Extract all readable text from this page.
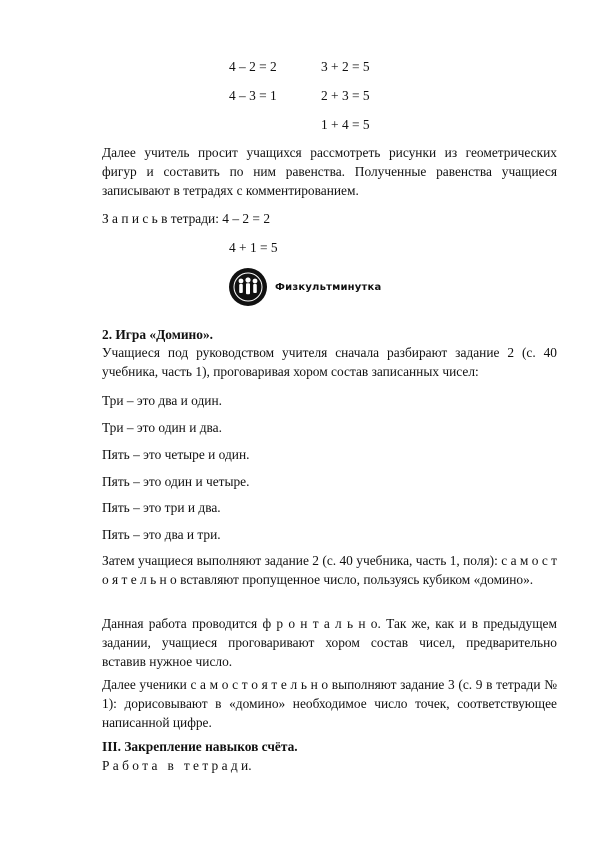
4 – 2 = 2	3 + 2 = 5
4 – 3 = 1	2 + 3 = 5
1 + 4 = 5

Далее учитель просит учащихся рассмотреть рисунки из геометрических фигур и составить по ним равенства. Полученные равенства учащиеся записывают в тетрадях с комментированием.

З а п и с ь в тетради: 4 – 2 = 2
4 + 1 = 5
Физкультминутка
2. Игра «Домино».

Учащиеся под руководством учителя сначала разбирают задание 2 (с. 40 учебника, часть 1), проговаривая хором состав записанных чисел:

Три – это два и один.
Три – это один и два.
Пять – это четыре и один.
Пять – это один и четыре.
Пять – это три и два.
Пять – это два и три.

Затем учащиеся выполняют задание 2 (с. 40 учебника, часть 1, поля): с а м о с т о я т е л ь н о вставляют пропущенное число, пользуясь кубиком «домино».

Данная работа проводится ф р о н т а л ь н о. Так же, как и в предыдущем задании, учащиеся проговаривают хором состав чисел, предварительно вставив нужное число.

Далее ученики с а м о с т о я т е л ь н о выполняют задание 3 (с. 9 в тетради № 1): дорисовывают в «домино» необходимое число точек, соответствующее написанной цифре.

III. Закрепление навыков счёта.
Р а б о т а   в   т е т р а д и.
